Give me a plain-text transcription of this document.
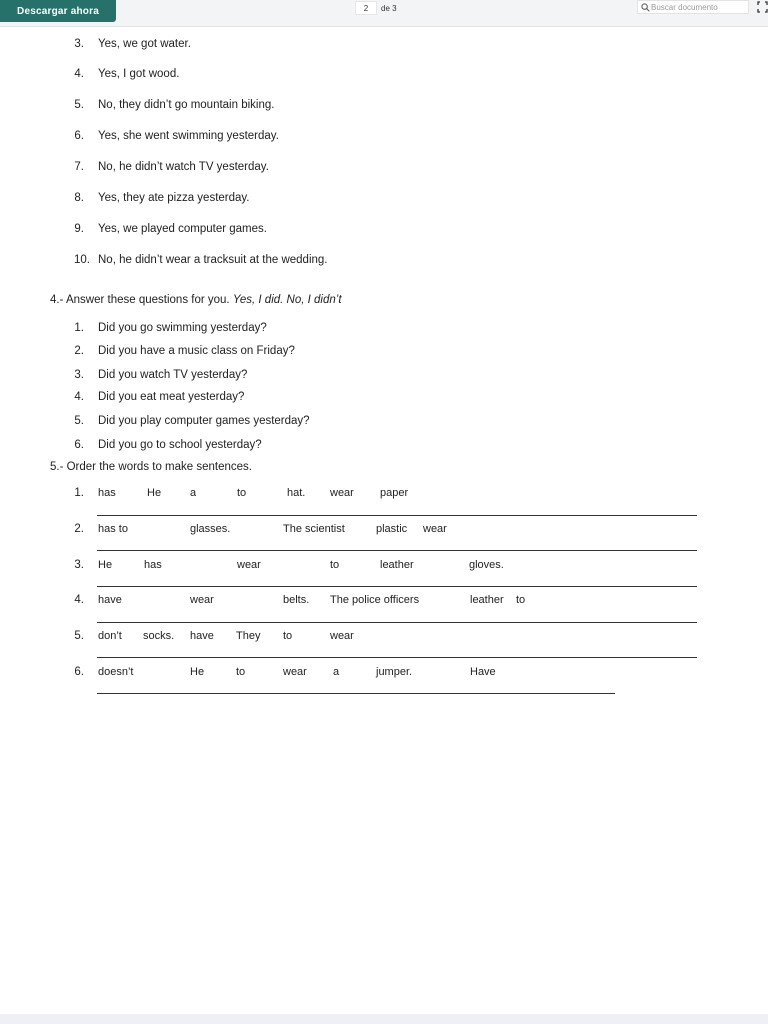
Descargar ahora
2	de 3
Buscar documento
3. Yes, we got water.
4. Yes, I got wood.
5. No, they didn’t go mountain biking.
6. Yes, she went swimming yesterday.
7. No, he didn’t watch TV yesterday.
8. Yes, they ate pizza yesterday.
9. Yes, we played computer games.
10. No, he didn’t wear a tracksuit at the wedding.
4.- Answer these questions for you. Yes, I did. No, I didn’t
1. Did you go swimming yesterday?
2. Did you have a music class on Friday?
3. Did you watch TV yesterday?
4. Did you eat meat yesterday?
5. Did you play computer games yesterday?
6. Did you go to school yesterday?
5.- Order the words to make sentences.
1. has	He	a	to	hat. wear paper
2. has to	glasses.	The scientist	plastic wear
3. He	has	wear	to	leather	gloves.
4. have	wear	belts. The police officers	leather to
5. don’t socks. have They to	wear
6. doesn’t	He	to	wear a	jumper.	Have
